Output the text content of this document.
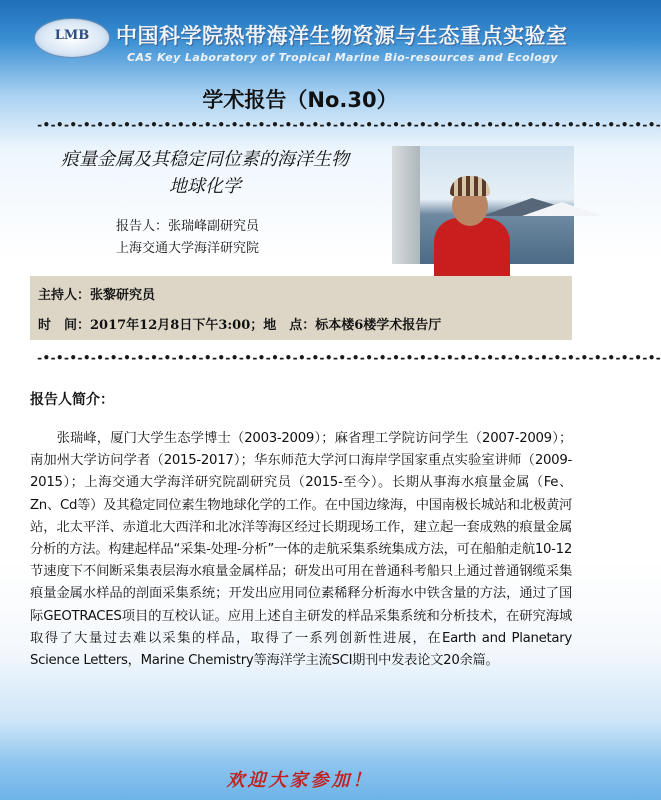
LMB	中国科学院热带海洋生物资源与生态重点实验室
CAS Key Laboratory of Tropical Marine Bio-resources and Ecology
学术报告（No.30）
-•-•-•-•-•-•-•-•-•-•-•-•-•-•-•-•-•-•-•-•-•-•-•-•-•-•-•-•-•-•-•-•-•-•-•-•-•-•-•-•-•-•-•-•-•-•-
痕量金属及其稳定同位素的海洋生物
地球化学
报告人：张瑞峰副研究员
上海交通大学海洋研究院
主持人：张黎研究员
时　间：2017年12月8日下午3:00；地　点：标本楼6楼学术报告厅
-•-•-•-•-•-•-•-•-•-•-•-•-•-•-•-•-•-•-•-•-•-•-•-•-•-•-•-•-•-•-•-•-•-•-•-•-•-•-•-•-•-•-•-•-•-•-
报告人简介：
张瑞峰，厦门大学生态学博士（2003-2009）；麻省理工学院访问学生（2007-2009）；南加州大学访问学者（2015-2017）；华东师范大学河口海岸学国家重点实验室讲师（2009-2015）；上海交通大学海洋研究院副研究员（2015-至今）。长期从事海水痕量金属（Fe、Zn、Cd等）及其稳定同位素生物地球化学的工作。在中国边缘海，中国南极长城站和北极黄河站，北太平洋、赤道北大西洋和北冰洋等海区经过长期现场工作，建立起一套成熟的痕量金属分析的方法。构建起样品“采集-处理-分析”一体的走航采集系统集成方法，可在船舶走航10-12节速度下不间断采集表层海水痕量金属样品；研发出可用在普通科考船只上通过普通钢缆采集痕量金属水样品的剖面采集系统；开发出应用同位素稀释分析海水中铁含量的方法，通过了国际GEOTRACES项目的互校认证。应用上述自主研发的样品采集系统和分析技术，在研究海域取得了大量过去难以采集的样品，取得了一系列创新性进展，在Earth and Planetary Science Letters，Marine Chemistry等海洋学主流SCI期刊中发表论文20余篇。
欢迎大家参加！
